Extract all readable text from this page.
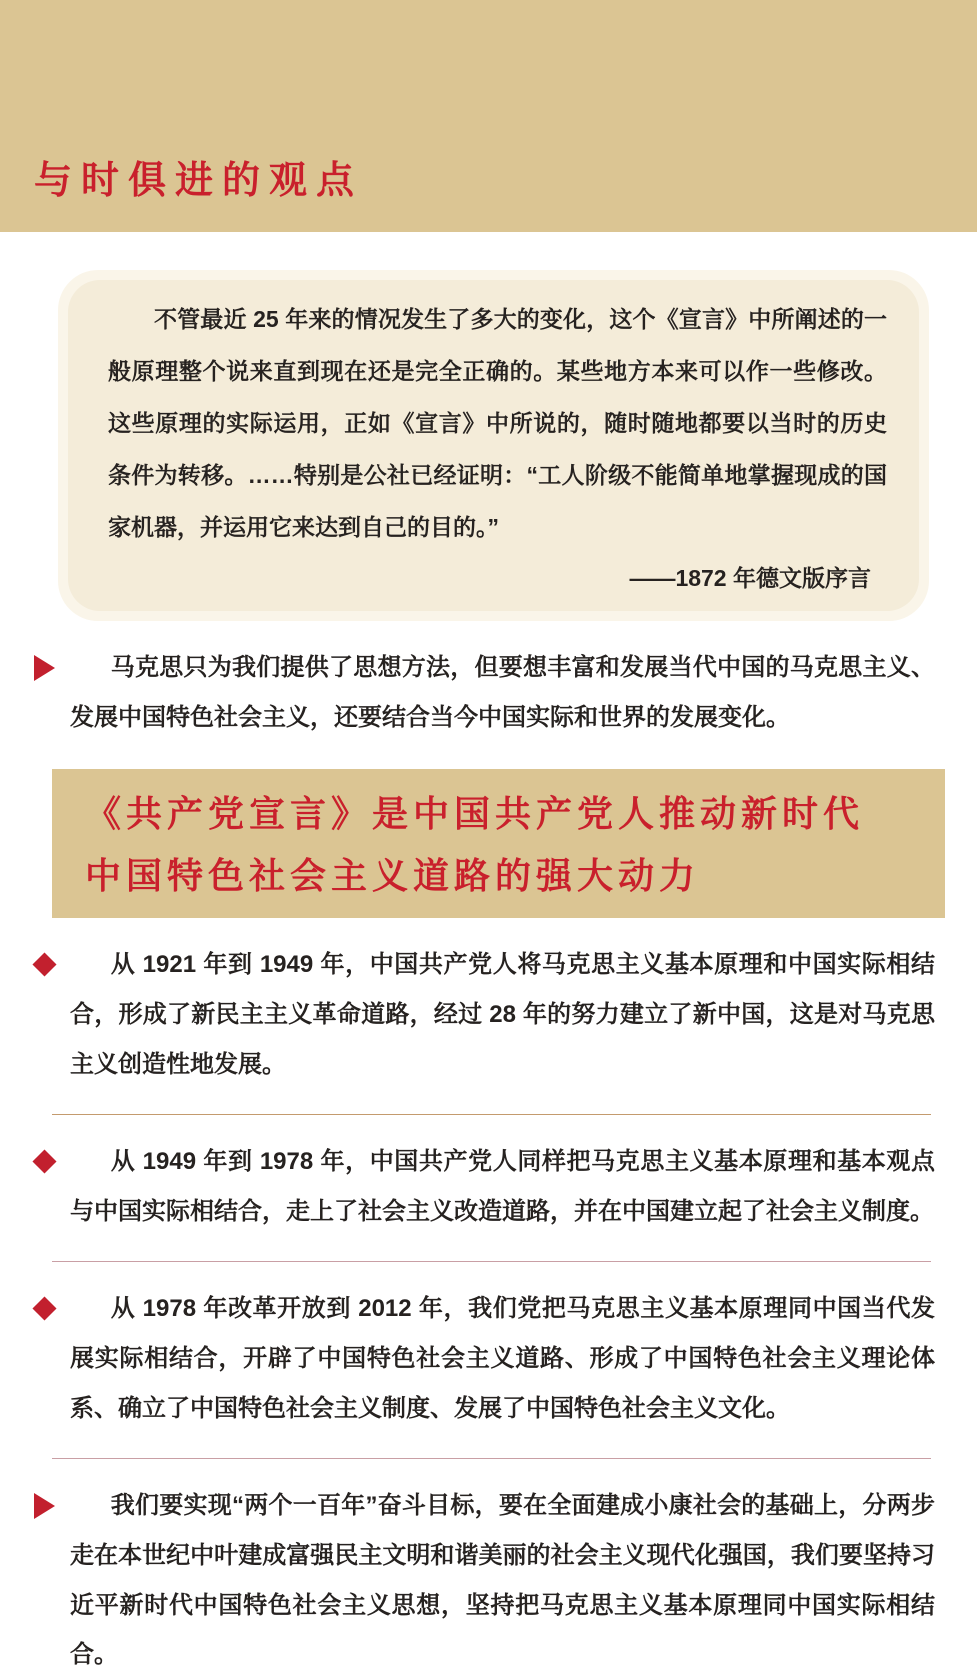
与时俱进的观点

不管最近 25 年来的情况发生了多大的变化，这个《宣言》中所阐述的一般原理整个说来直到现在还是完全正确的。某些地方本来可以作一些修改。这些原理的实际运用，正如《宣言》中所说的，随时随地都要以当时的历史条件为转移。……特别是公社已经证明：“工人阶级不能简单地掌握现成的国家机器，并运用它来达到自己的目的。”

——1872 年德文版序言

马克思只为我们提供了思想方法，但要想丰富和发展当代中国的马克思主义、发展中国特色社会主义，还要结合当今中国实际和世界的发展变化。

《共产党宣言》是中国共产党人推动新时代
中国特色社会主义道路的强大动力

从 1921 年到 1949 年，中国共产党人将马克思主义基本原理和中国实际相结合，形成了新民主主义革命道路，经过 28 年的努力建立了新中国，这是对马克思主义创造性地发展。

从 1949 年到 1978 年，中国共产党人同样把马克思主义基本原理和基本观点与中国实际相结合，走上了社会主义改造道路，并在中国建立起了社会主义制度。

从 1978 年改革开放到 2012 年，我们党把马克思主义基本原理同中国当代发展实际相结合，开辟了中国特色社会主义道路、形成了中国特色社会主义理论体系、确立了中国特色社会主义制度、发展了中国特色社会主义文化。

我们要实现“两个一百年”奋斗目标，要在全面建成小康社会的基础上，分两步走在本世纪中叶建成富强民主文明和谐美丽的社会主义现代化强国，我们要坚持习近平新时代中国特色社会主义思想，坚持把马克思主义基本原理同中国实际相结合。
